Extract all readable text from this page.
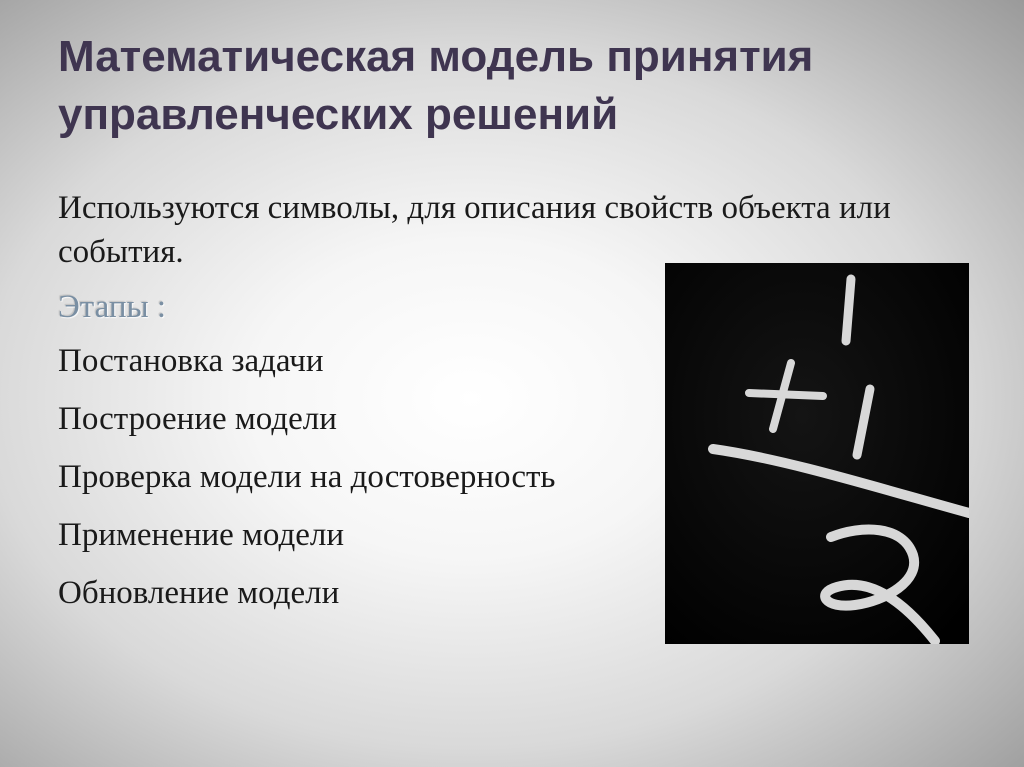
Математическая модель принятия
управленческих решений

Используются символы, для описания свойств объекта или события.

Этапы :

Постановка задачи
Построение модели
Проверка модели на достоверность
Применение модели
Обновление модели
